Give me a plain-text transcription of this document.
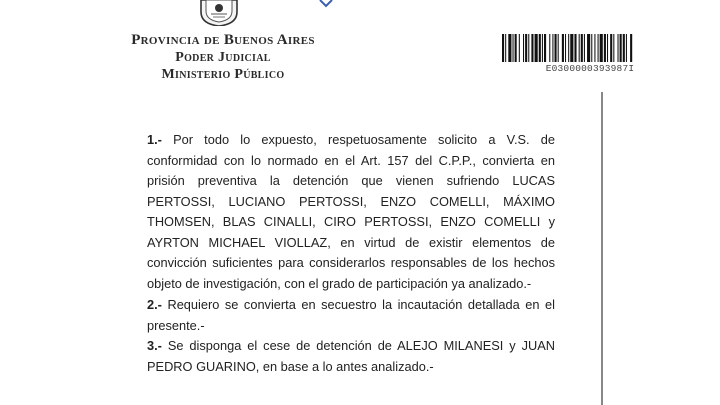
Provincia de Buenos Aires
Poder Judicial
Ministerio Público	E0300000393987I
1.- Por todo lo expuesto, respetuosamente solicito a V.S. de
conformidad con lo normado en el Art. 157 del C.P.P., convierta en
prisión preventiva la detención que vienen sufriendo LUCAS
PERTOSSI, LUCIANO PERTOSSI, ENZO COMELLI, MÁXIMO
THOMSEN, BLAS CINALLI, CIRO PERTOSSI, ENZO COMELLI y
AYRTON MICHAEL VIOLLAZ, en virtud de existir elementos de
convicción suficientes para considerarlos responsables de los hechos
objeto de investigación, con el grado de participación ya analizado.-
2.- Requiero se convierta en secuestro la incautación detallada en el
presente.-
3.- Se disponga el cese de detención de ALEJO MILANESI y JUAN
PEDRO GUARINO, en base a lo antes analizado.-
